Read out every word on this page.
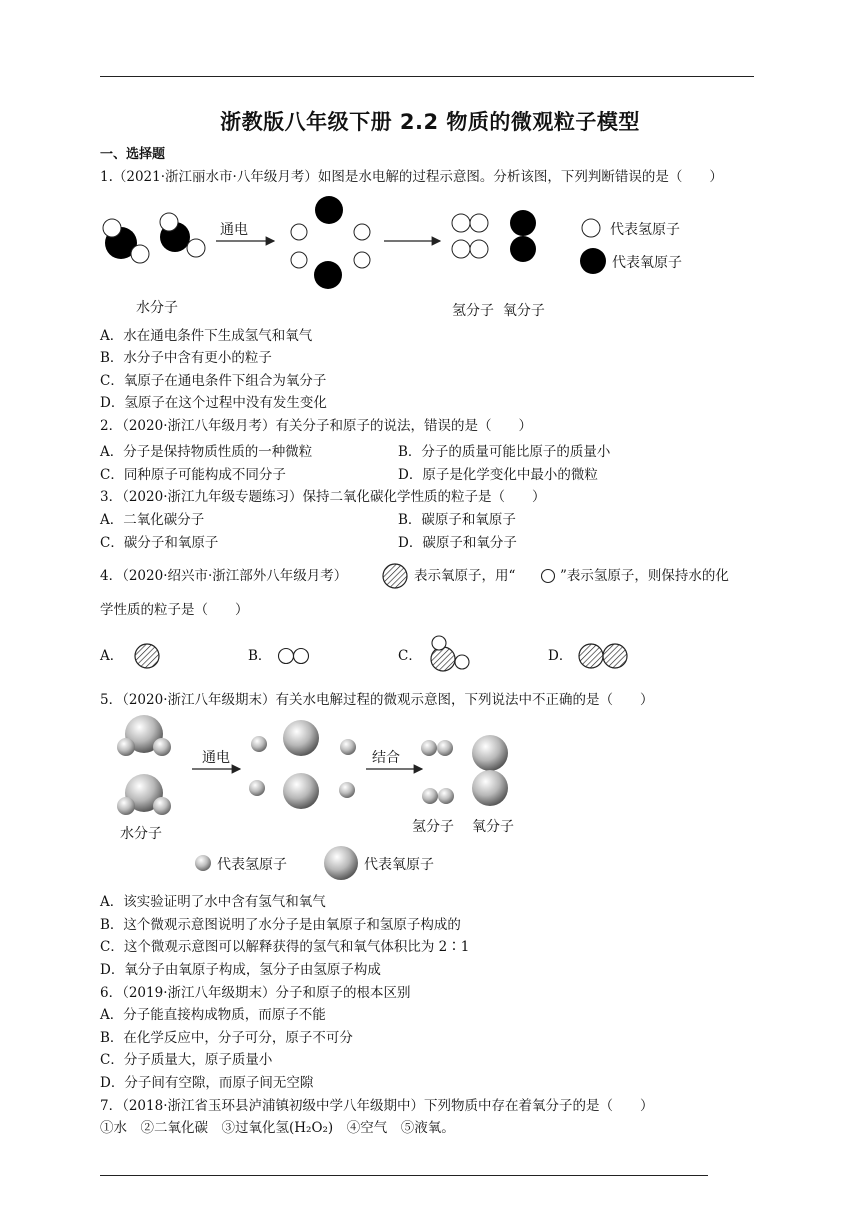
浙教版八年级下册 2.2 物质的微观粒子模型
一、选择题
1.（2021·浙江丽水市·八年级月考）如图是水电解的过程示意图。分析该图，下列判断错误的是（　　）
通电	代表氢原子
代表氧原子
水分子	氢分子  氧分子
A．水在通电条件下生成氢气和氧气
B．水分子中含有更小的粒子
C．氧原子在通电条件下组合为氧分子
D．氢原子在这个过程中没有发生变化
2．（2020·浙江八年级月考）有关分子和原子的说法，错误的是（　　）
A．分子是保持物质性质的一种微粒	B．分子的质量可能比原子的质量小
C．同种原子可能构成不同分子	D．原子是化学变化中最小的微粒
3．（2020·浙江九年级专题练习）保持二氧化碳化学性质的粒子是（　　）
A．二氧化碳分子	B．碳原子和氧原子
C．碳分子和氧原子	D．碳原子和氧分子
4．（2020·绍兴市·浙江部外八年级月考）	表示氧原子，用“	”表示氢原子，则保持水的化
学性质的粒子是（　　）
A．	B．	C．	D．
5．（2020·浙江八年级期末）有关水电解过程的微观示意图，下列说法中不正确的是（　　）
水分子
通电	结合
氢分子 氧分子
代表氢原子	代表氧原子
A．该实验证明了水中含有氢气和氧气
B．这个微观示意图说明了水分子是由氧原子和氢原子构成的
C．这个微观示意图可以解释获得的氢气和氧气体积比为 2∶1
D．氧分子由氧原子构成，氢分子由氢原子构成
6．（2019·浙江八年级期末）分子和原子的根本区别
A．分子能直接构成物质，而原子不能
B．在化学反应中，分子可分，原子不可分
C．分子质量大，原子质量小
D．分子间有空隙，而原子间无空隙
7．（2018·浙江省玉环县泸浦镇初级中学八年级期中）下列物质中存在着氧分子的是（　　）
①水　②二氧化碳　③过氧化氢(H₂O₂)　④空气　⑤液氧。
